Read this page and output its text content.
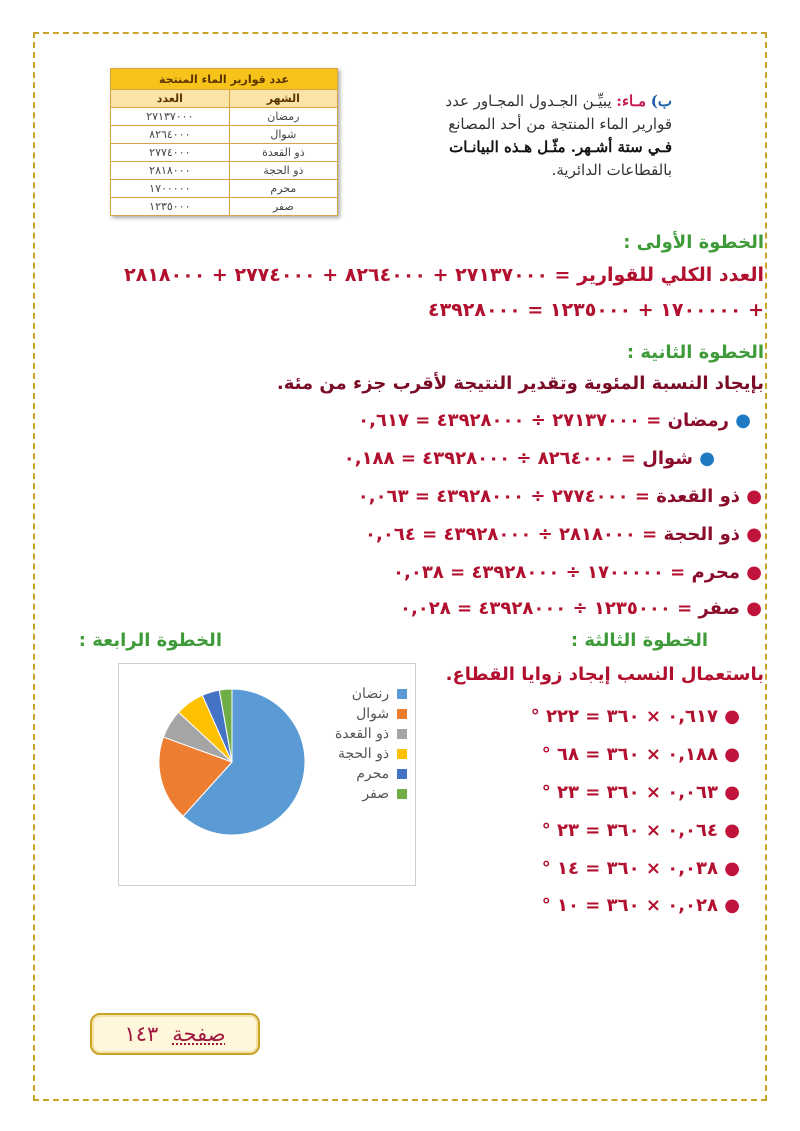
عدد قوارير الماء المنتجة	
الشهر	العدد
رمضان	٢٧١٣٧٠٠٠
شوال	٨٢٦٤٠٠٠
ذو القعدة	٢٧٧٤٠٠٠
ذو الحجة	٢٨١٨٠٠٠
محرم	١٧٠٠٠٠٠
صفر	١٢٣٥٠٠٠
ب) مـاء: يبيِّـن الجـدول المجـاور عدد
قوارير الماء المنتجة من أحد المصانع
فـي ستة أشـهر. مثّـل هـذه البيانـات
بالقطاعات الدائرية.
الخطوة الأولى :
العدد الكلي للقوارير = ٢٧١٣٧٠٠٠ + ٨٢٦٤٠٠٠ + ٢٧٧٤٠٠٠ + ٢٨١٨٠٠٠
+ ١٧٠٠٠٠٠ + ١٢٣٥٠٠٠ = ٤٣٩٢٨٠٠٠
الخطوة الثانية :
بإيجاد النسبة المئوية وتقدير النتيجة لأقرب جزء من مئة.
● رمضان = ٢٧١٣٧٠٠٠ ÷ ٤٣٩٢٨٠٠٠ = ٠,٦١٧
● شوال = ٨٢٦٤٠٠٠ ÷ ٤٣٩٢٨٠٠٠ = ٠,١٨٨
● ذو القعدة = ٢٧٧٤٠٠٠ ÷ ٤٣٩٢٨٠٠٠ = ٠,٠٦٣
● ذو الحجة = ٢٨١٨٠٠٠ ÷ ٤٣٩٢٨٠٠٠ = ٠,٠٦٤
● محرم = ١٧٠٠٠٠٠ ÷ ٤٣٩٢٨٠٠٠ = ٠,٠٣٨
● صفر = ١٢٣٥٠٠٠ ÷ ٤٣٩٢٨٠٠٠ = ٠,٠٢٨
الخطوة الثالثة :
الخطوة الرابعة :
باستعمال النسب إيجاد زوايا القطاع.
● ٠,٦١٧ × ٣٦٠ = ٢٢٢ °
● ٠,١٨٨ × ٣٦٠ = ٦٨ °
● ٠,٠٦٣ × ٣٦٠ = ٢٣ °
● ٠,٠٦٤ × ٣٦٠ = ٢٣ °
● ٠,٠٣٨ × ٣٦٠ = ١٤ °
● ٠,٠٢٨ × ٣٦٠ = ١٠ °
رنضان
شوال
ذو القعدة
ذو الحجة
محرم
صفر
صفحة
١٤٣
